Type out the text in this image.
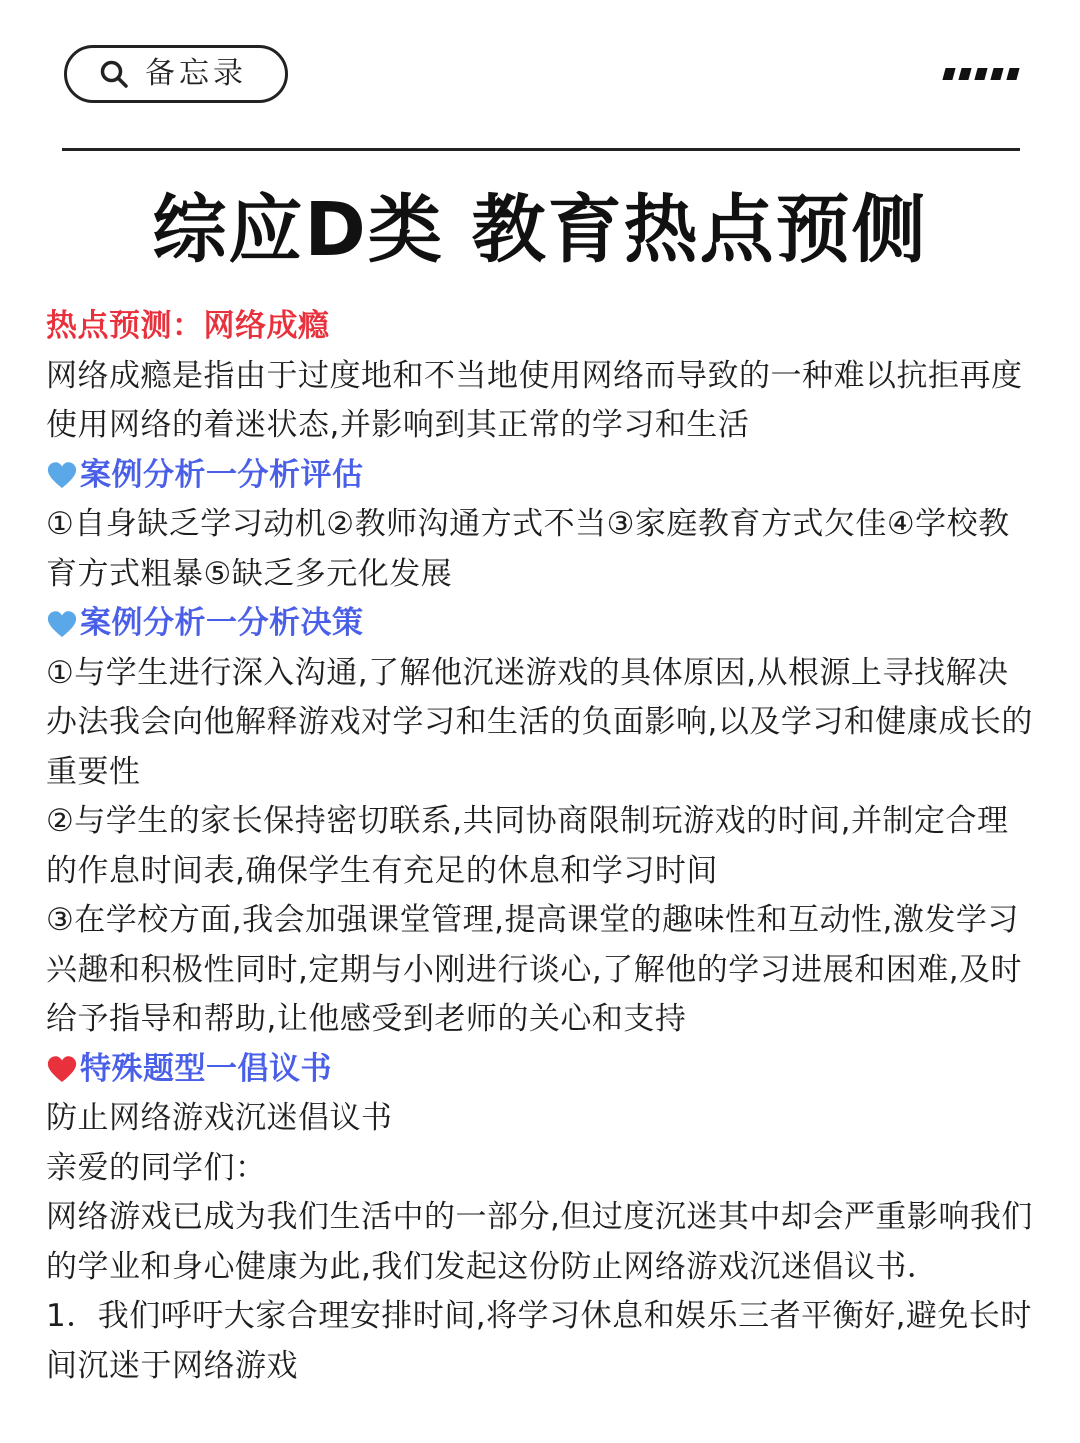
备忘录
综应D类 教育热点预侧

热点预测：网络成瘾

网络成瘾是指由于过度地和不当地使用网络而导致的一种难以抗拒再度使用网络的着迷状态,并影响到其正常的学习和生活

案例分析一分析评估

①自身缺乏学习动机②教师沟通方式不当③家庭教育方式欠佳④学校教育方式粗暴⑤缺乏多元化发展

案例分析一分析决策

①与学生进行深入沟通,了解他沉迷游戏的具体原因,从根源上寻找解决办法我会向他解释游戏对学习和生活的负面影响,以及学习和健康成长的重要性

②与学生的家长保持密切联系,共同协商限制玩游戏的时间,并制定合理的作息时间表,确保学生有充足的休息和学习时间

③在学校方面,我会加强课堂管理,提高课堂的趣味性和互动性,激发学习兴趣和积极性同时,定期与小刚进行谈心,了解他的学习进展和困难,及时给予指导和帮助,让他感受到老师的关心和支持

特殊题型一倡议书

防止网络游戏沉迷倡议书

亲爱的同学们：

网络游戏已成为我们生活中的一部分,但过度沉迷其中却会严重影响我们的学业和身心健康为此,我们发起这份防止网络游戏沉迷倡议书．

1．我们呼吁大家合理安排时间,将学习休息和娱乐三者平衡好,避免长时间沉迷于网络游戏
